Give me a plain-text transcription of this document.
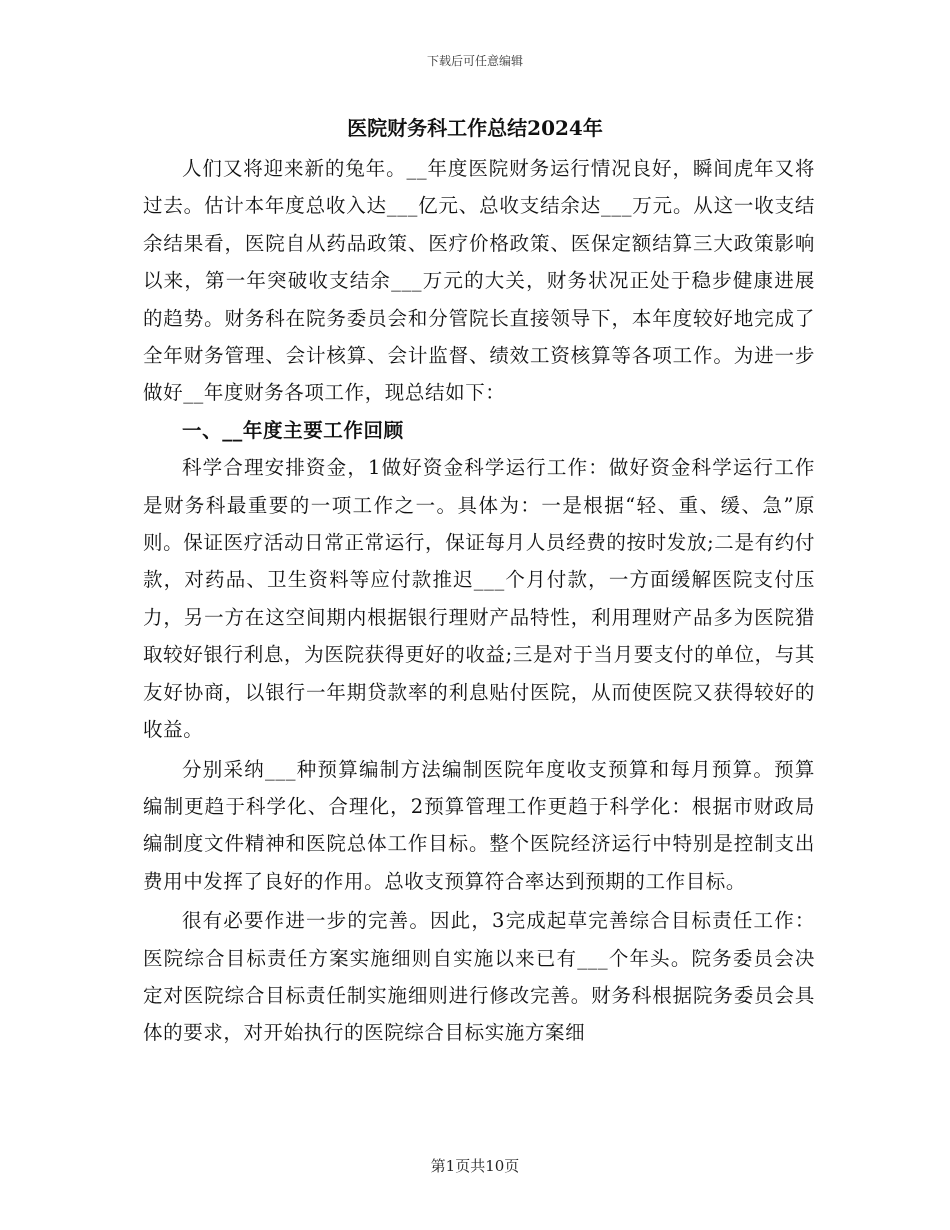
下载后可任意编辑
医院财务科工作总结2024年

人们又将迎来新的兔年。__年度医院财务运行情况良好，瞬间虎年又将过去。估计本年度总收入达___亿元、总收支结余达___万元。从这一收支结余结果看，医院自从药品政策、医疗价格政策、医保定额结算三大政策影响以来，第一年突破收支结余___万元的大关，财务状况正处于稳步健康进展的趋势。财务科在院务委员会和分管院长直接领导下，本年度较好地完成了全年财务管理、会计核算、会计监督、绩效工资核算等各项工作。为进一步做好__年度财务各项工作，现总结如下：

一、__年度主要工作回顾

科学合理安排资金，1做好资金科学运行工作：做好资金科学运行工作是财务科最重要的一项工作之一。具体为：一是根据“轻、重、缓、急”原则。保证医疗活动日常正常运行，保证每月人员经费的按时发放;二是有约付款，对药品、卫生资料等应付款推迟___个月付款，一方面缓解医院支付压力，另一方在这空间期内根据银行理财产品特性，利用理财产品多为医院猎取较好银行利息，为医院获得更好的收益;三是对于当月要支付的单位，与其友好协商，以银行一年期贷款率的利息贴付医院，从而使医院又获得较好的收益。

分别采纳___种预算编制方法编制医院年度收支预算和每月预算。预算编制更趋于科学化、合理化，2预算管理工作更趋于科学化：根据市财政局编制度文件精神和医院总体工作目标。整个医院经济运行中特别是控制支出费用中发挥了良好的作用。总收支预算符合率达到预期的工作目标。

很有必要作进一步的完善。因此，3完成起草完善综合目标责任工作：医院综合目标责任方案实施细则自实施以来已有___个年头。院务委员会决定对医院综合目标责任制实施细则进行修改完善。财务科根据院务委员会具体的要求，对开始执行的医院综合目标实施方案细

第1页共10页
